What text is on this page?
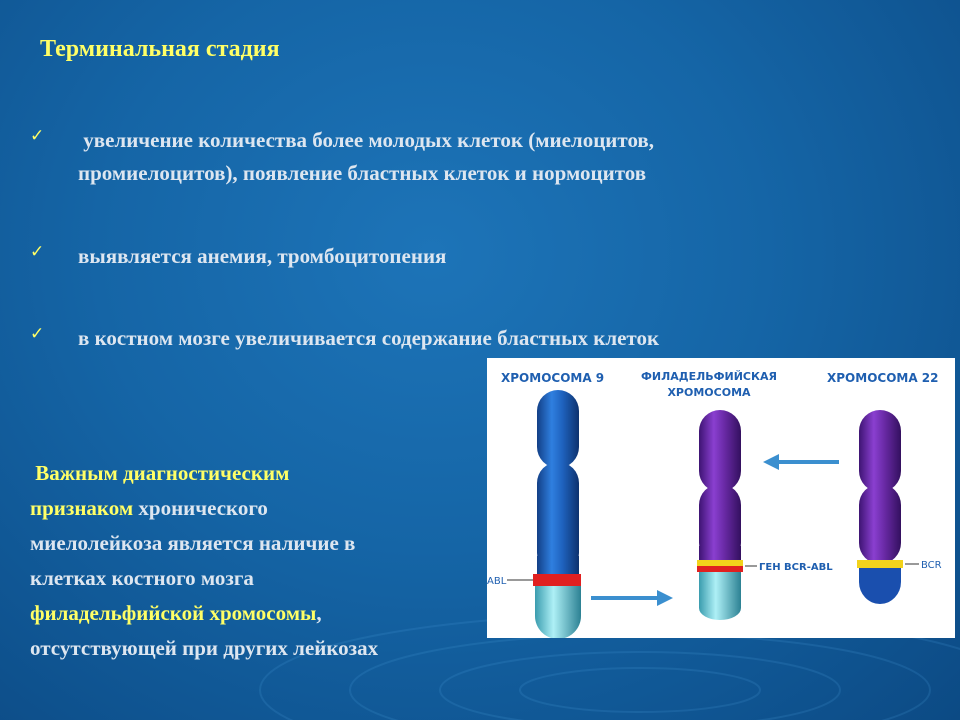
Терминальная стадия
✓ увеличение количества более молодых клеток (миелоцитов,
промиелоцитов), появление бластных клеток и нормоцитов
✓ выявляется анемия, тромбоцитопения
✓ в костном мозге увеличивается содержание бластных клеток
Важным диагностическим
признаком хронического
миелолейкоза является наличие в
клетках костного мозга
филадельфийской хромосомы,
отсутствующей при других лейкозах
ХРОМОСОМА 9	ФИЛАДЕЛЬФИЙСКАЯ
ХРОМОСОМА
ХРОМОСОМА 22
ABL
ГЕН BCR-ABL	BCR
